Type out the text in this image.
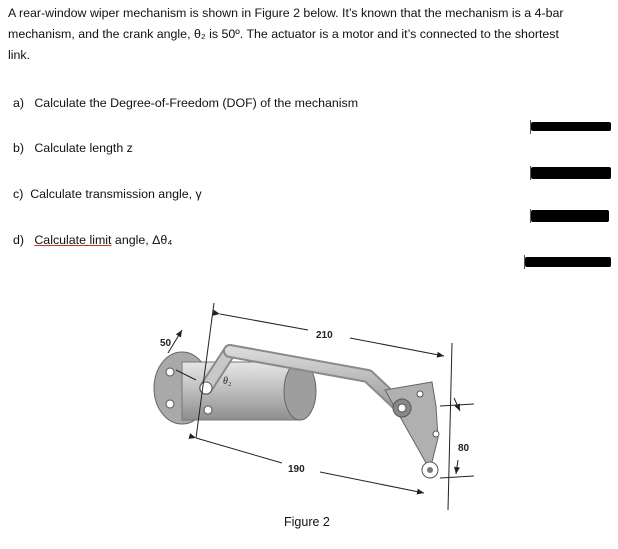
A rear-window wiper mechanism is shown in Figure 2 below. It’s known that the mechanism is a 4-bar
mechanism, and the crank angle, θ₂ is 50º. The actuator is a motor and it’s connected to the shortest
link.
a) Calculate the Degree-of-Freedom (DOF) of the mechanism
b) Calculate length z
c) Calculate transmission angle, γ
d) Calculate limit angle, Δθ₄
210
50
190
80
θ₂
Figure 2
